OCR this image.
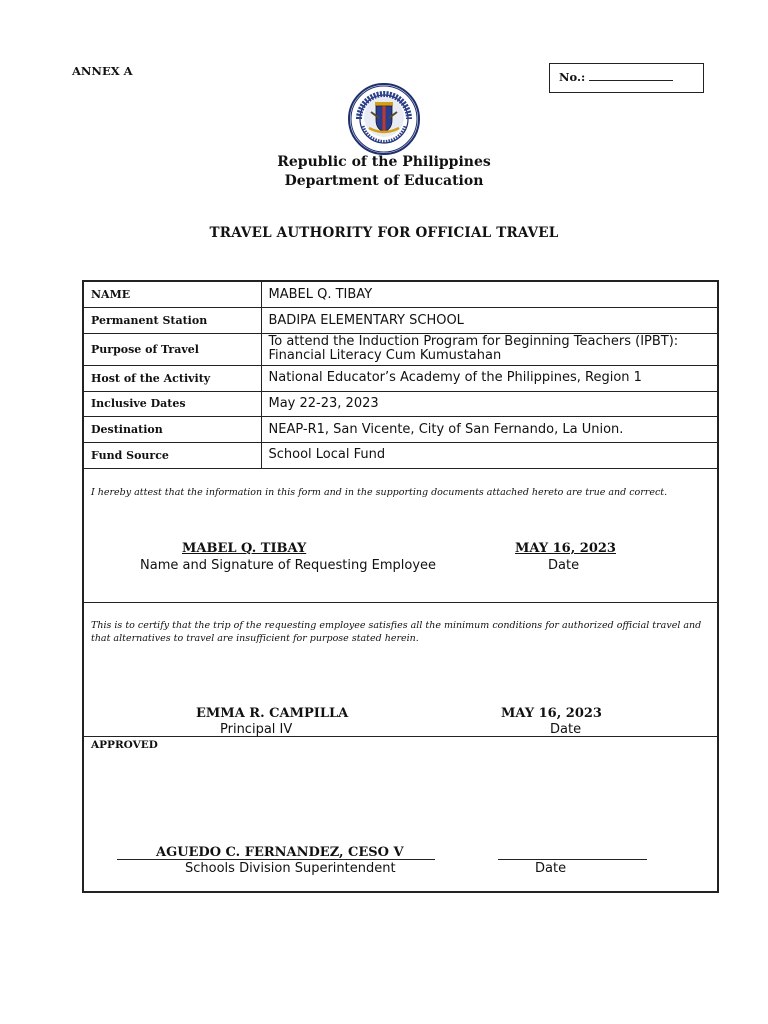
ANNEX A	No.:
Republic of the Philippines
Department of Education
TRAVEL AUTHORITY FOR OFFICIAL TRAVEL
NAME	MABEL Q. TIBAY
Permanent Station	BADIPA ELEMENTARY SCHOOL
Purpose of Travel	To attend the Induction Program for Beginning Teachers (IPBT):
Financial Literacy Cum Kumustahan

Host of the Activity	National Educator’s Academy of the Philippines, Region 1
Inclusive Dates	May 22-23, 2023
Destination	NEAP-R1, San Vicente, City of San Fernando, La Union.
Fund Source	School Local Fund
I hereby attest that the information in this form and in the supporting documents attached hereto are true and correct.
MABEL Q. TIBAY
Name and Signature of Requesting Employee
MAY 16, 2023
Date
This is to certify that the trip of the requesting employee satisfies all the minimum conditions for authorized official travel and that alternatives to travel are insufficient for purpose stated herein.
EMMA R. CAMPILLA
Principal IV
MAY 16, 2023
Date
APPROVED
AGUEDO C. FERNANDEZ, CESO V
Schools Division Superintendent	Date
